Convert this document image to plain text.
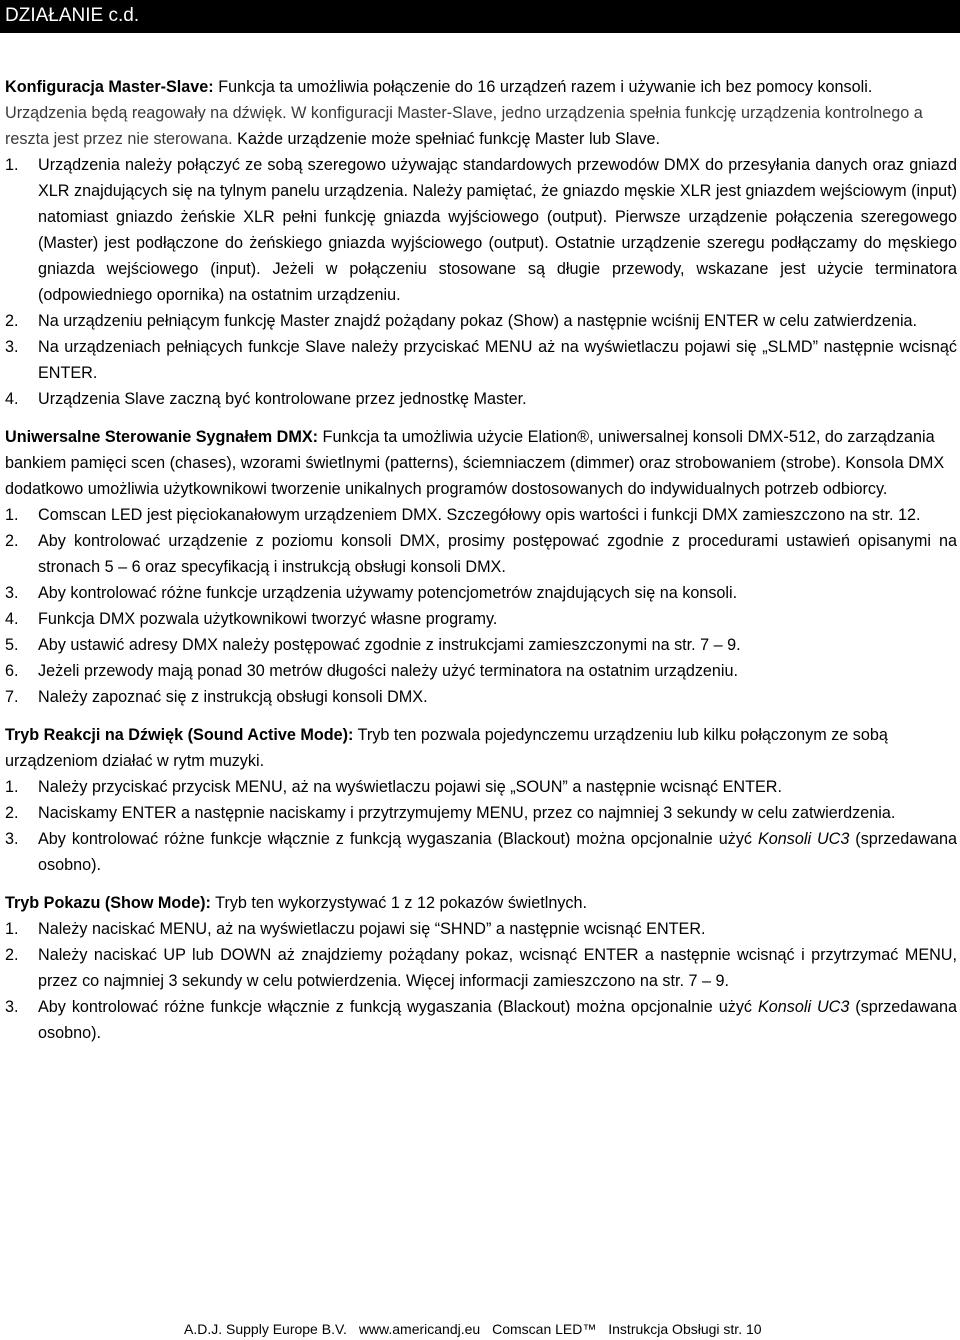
DZIAŁANIE c.d.

Konfiguracja Master-Slave: Funkcja ta umożliwia połączenie do 16 urządzeń razem i używanie ich bez pomocy konsoli. Urządzenia będą reagowały na dźwięk. W konfiguracji Master-Slave, jedno urządzenia spełnia funkcję urządzenia kontrolnego a reszta jest przez nie sterowana. Każde urządzenie może spełniać funkcję Master lub Slave.

1. Urządzenia należy połączyć ze sobą szeregowo używając standardowych przewodów DMX do przesyłania danych oraz gniazd XLR znajdujących się na tylnym panelu urządzenia. Należy pamiętać, że gniazdo męskie XLR jest gniazdem wejściowym (input) natomiast gniazdo żeńskie XLR pełni funkcję gniazda wyjściowego (output). Pierwsze urządzenie połączenia szeregowego (Master) jest podłączone do żeńskiego gniazda wyjściowego (output). Ostatnie urządzenie szeregu podłączamy do męskiego gniazda wejściowego (input). Jeżeli w połączeniu stosowane są długie przewody, wskazane jest użycie terminatora (odpowiedniego opornika) na ostatnim urządzeniu.
2. Na urządzeniu pełniącym funkcję Master znajdź pożądany pokaz (Show) a następnie wciśnij ENTER w celu zatwierdzenia.
3. Na urządzeniach pełniących funkcje Slave należy przyciskać MENU aż na wyświetlaczu pojawi się „SLMD” następnie wcisnąć ENTER.
4. Urządzenia Slave zaczną być kontrolowane przez jednostkę Master.

Uniwersalne Sterowanie Sygnałem DMX: Funkcja ta umożliwia użycie Elation®, uniwersalnej konsoli DMX-512, do zarządzania bankiem pamięci scen (chases), wzorami świetlnymi (patterns), ściemniaczem (dimmer) oraz strobowaniem (strobe). Konsola DMX dodatkowo umożliwia użytkownikowi tworzenie unikalnych programów dostosowanych do indywidualnych potrzeb odbiorcy.

1. Comscan LED jest pięciokanałowym urządzeniem DMX. Szczegółowy opis wartości i funkcji DMX zamieszczono na str. 12.
2. Aby kontrolować urządzenie z poziomu konsoli DMX, prosimy postępować zgodnie z procedurami ustawień opisanymi na stronach 5 – 6 oraz specyfikacją i instrukcją obsługi konsoli DMX.
3. Aby kontrolować różne funkcje urządzenia używamy potencjometrów znajdujących się na konsoli.
4. Funkcja DMX pozwala użytkownikowi tworzyć własne programy.
5. Aby ustawić adresy DMX należy postępować zgodnie z instrukcjami zamieszczonymi na str. 7 – 9.
6. Jeżeli przewody mają ponad 30 metrów długości należy użyć terminatora na ostatnim urządzeniu.
7. Należy zapoznać się z instrukcją obsługi konsoli DMX.

Tryb Reakcji na Dźwięk (Sound Active Mode): Tryb ten pozwala pojedynczemu urządzeniu lub kilku połączonym ze sobą urządzeniom działać w rytm muzyki.

1. Należy przyciskać przycisk MENU, aż na wyświetlaczu pojawi się „SOUN” a następnie wcisnąć ENTER.
2. Naciskamy ENTER a następnie naciskamy i przytrzymujemy MENU, przez co najmniej 3 sekundy w celu zatwierdzenia.
3. Aby kontrolować różne funkcje włącznie z funkcją wygaszania (Blackout) można opcjonalnie użyć Konsoli UC3 (sprzedawana osobno).

Tryb Pokazu (Show Mode): Tryb ten wykorzystywać 1 z 12 pokazów świetlnych.

1. Należy naciskać MENU, aż na wyświetlaczu pojawi się “SHND” a następnie wcisnąć ENTER.
2. Należy naciskać UP lub DOWN aż znajdziemy pożądany pokaz, wcisnąć ENTER a następnie wcisnąć i przytrzymać MENU, przez co najmniej 3 sekundy w celu potwierdzenia. Więcej informacji zamieszczono na str. 7 – 9.
3. Aby kontrolować różne funkcje włącznie z funkcją wygaszania (Blackout) można opcjonalnie użyć Konsoli UC3 (sprzedawana osobno).
A.D.J. Supply Europe B.V. www.americandj.eu Comscan LED™ Instrukcja Obsługi str. 10
